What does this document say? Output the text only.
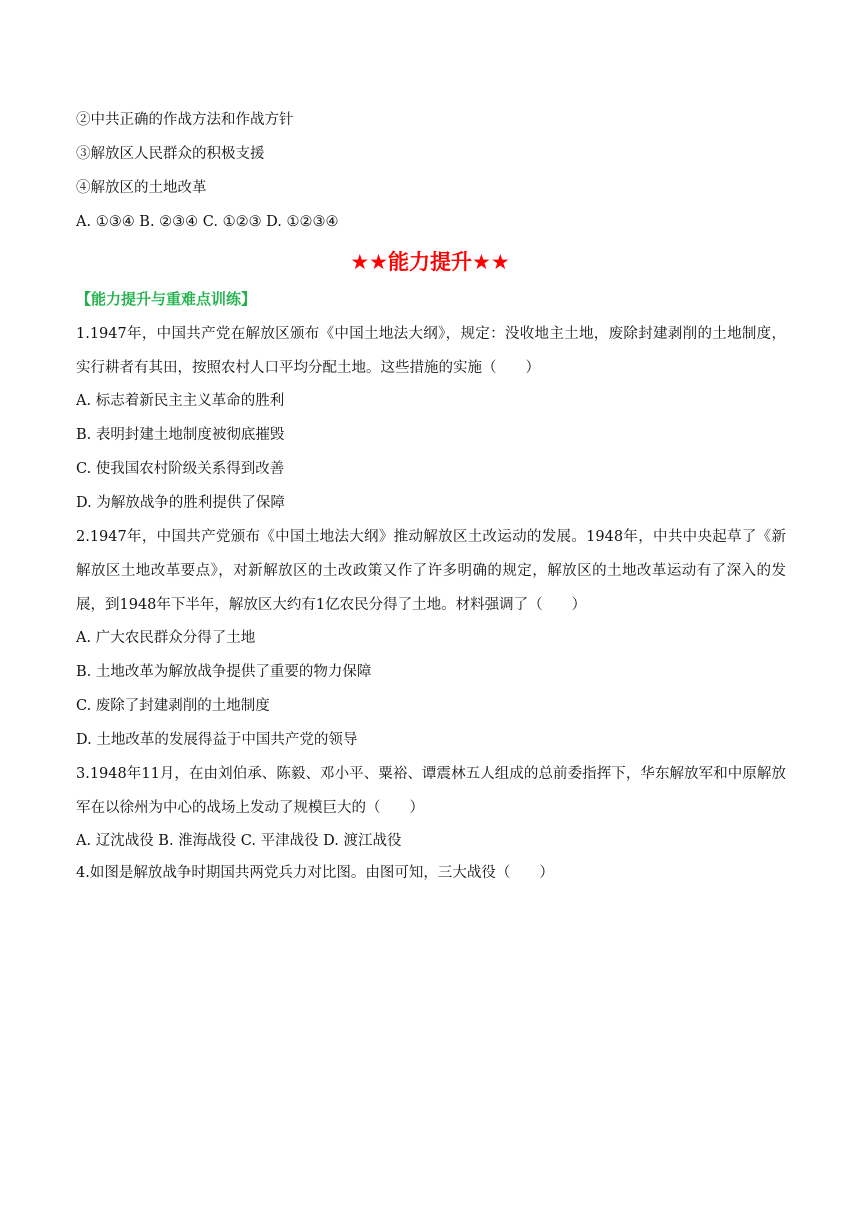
②中共正确的作战方法和作战方针
③解放区人民群众的积极支援
④解放区的土地改革
A. ①③④ B. ②③④ C. ①②③ D. ①②③④
★★能力提升★★
【能力提升与重难点训练】
1.1947年，中国共产党在解放区颁布《中国土地法大纲》，规定：没收地主土地，废除封建剥削的土地制度，实行耕者有其田，按照农村人口平均分配土地。这些措施的实施（　　）
A. 标志着新民主主义革命的胜利
B. 表明封建土地制度被彻底摧毁
C. 使我国农村阶级关系得到改善
D. 为解放战争的胜利提供了保障
2.1947年，中国共产党颁布《中国土地法大纲》推动解放区土改运动的发展。1948年，中共中央起草了《新解放区土地改革要点》，对新解放区的土改政策又作了许多明确的规定，解放区的土地改革运动有了深入的发展，到1948年下半年，解放区大约有1亿农民分得了土地。材料强调了（　　）
A. 广大农民群众分得了土地
B. 土地改革为解放战争提供了重要的物力保障
C. 废除了封建剥削的土地制度
D. 土地改革的发展得益于中国共产党的领导
3.1948年11月，在由刘伯承、陈毅、邓小平、粟裕、谭震林五人组成的总前委指挥下，华东解放军和中原解放军在以徐州为中心的战场上发动了规模巨大的（　　）
A. 辽沈战役 B. 淮海战役 C. 平津战役 D. 渡江战役
4.如图是解放战争时期国共两党兵力对比图。由图可知，三大战役（　　）
